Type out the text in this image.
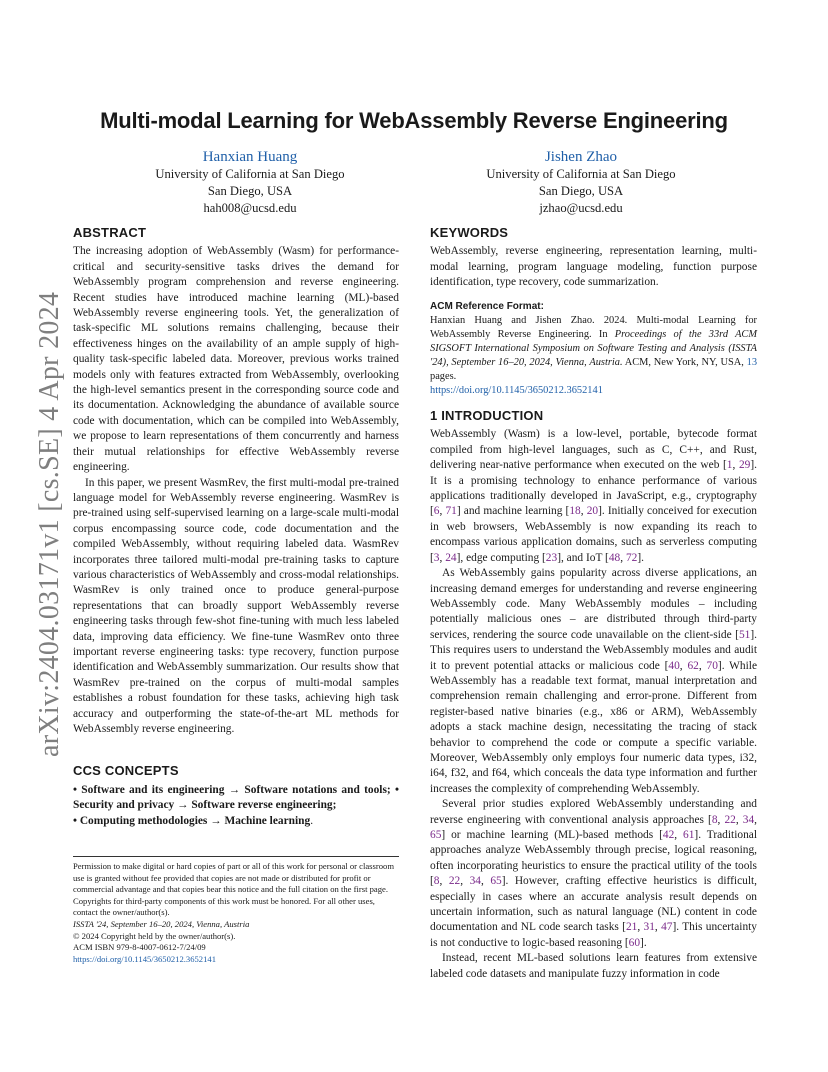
Multi-modal Learning for WebAssembly Reverse Engineering
Hanxian Huang
University of California at San Diego
San Diego, USA
hah008@ucsd.edu
Jishen Zhao
University of California at San Diego
San Diego, USA
jzhao@ucsd.edu
arXiv:2404.03171v1 [cs.SE] 4 Apr 2024
ABSTRACT

The increasing adoption of WebAssembly (Wasm) for performance-critical and security-sensitive tasks drives the demand for WebAssembly program comprehension and reverse engineering. Recent studies have introduced machine learning (ML)-based WebAssembly reverse engineering tools. Yet, the generalization of task-specific ML solutions remains challenging, because their effectiveness hinges on the availability of an ample supply of high-quality task-specific labeled data. Moreover, previous works trained models only with features extracted from WebAssembly, overlooking the high-level semantics present in the corresponding source code and its documentation. Acknowledging the abundance of available source code with documentation, which can be compiled into WebAssembly, we propose to learn representations of them concurrently and harness their mutual relationships for effective WebAssembly reverse engineering.

In this paper, we present WasmRev, the first multi-modal pre-trained language model for WebAssembly reverse engineering. WasmRev is pre-trained using self-supervised learning on a large-scale multi-modal corpus encompassing source code, code documentation and the compiled WebAssembly, without requiring labeled data. WasmRev incorporates three tailored multi-modal pre-training tasks to capture various characteristics of WebAssembly and cross-modal relationships. WasmRev is only trained once to produce general-purpose representations that can broadly support WebAssembly reverse engineering tasks through few-shot fine-tuning with much less labeled data, improving data efficiency. We fine-tune WasmRev onto three important reverse engineering tasks: type recovery, function purpose identification and WebAssembly summarization. Our results show that WasmRev pre-trained on the corpus of multi-modal samples establishes a robust foundation for these tasks, achieving high task accuracy and outperforming the state-of-the-art ML methods for WebAssembly reverse engineering.

CCS CONCEPTS

• Software and its engineering → Software notations and tools; • Security and privacy → Software reverse engineering;
• Computing methodologies → Machine learning.

Permission to make digital or hard copies of part or all of this work for personal or classroom use is granted without fee provided that copies are not made or distributed for profit or commercial advantage and that copies bear this notice and the full citation on the first page. Copyrights for third-party components of this work must be honored. For all other uses, contact the owner/author(s).

ISSTA '24, September 16–20, 2024, Vienna, Austria

© 2024 Copyright held by the owner/author(s).

ACM ISBN 979-8-4007-0612-7/24/09

https://doi.org/10.1145/3650212.3652141

KEYWORDS

WebAssembly, reverse engineering, representation learning, multi-modal learning, program language modeling, function purpose identification, type recovery, code summarization.

ACM Reference Format:

Hanxian Huang and Jishen Zhao. 2024. Multi-modal Learning for WebAssembly Reverse Engineering. In Proceedings of the 33rd ACM SIGSOFT International Symposium on Software Testing and Analysis (ISSTA '24), September 16–20, 2024, Vienna, Austria. ACM, New York, NY, USA, 13 pages.
https://doi.org/10.1145/3650212.3652141

1 INTRODUCTION

WebAssembly (Wasm) is a low-level, portable, bytecode format compiled from high-level languages, such as C, C++, and Rust, delivering near-native performance when executed on the web [1, 29]. It is a promising technology to enhance performance of various applications traditionally developed in JavaScript, e.g., cryptography [6, 71] and machine learning [18, 20]. Initially conceived for execution in web browsers, WebAssembly is now expanding its reach to encompass various application domains, such as serverless computing [3, 24], edge computing [23], and IoT [48, 72].

As WebAssembly gains popularity across diverse applications, an increasing demand emerges for understanding and reverse engineering WebAssembly code. Many WebAssembly modules – including potentially malicious ones – are distributed through third-party services, rendering the source code unavailable on the client-side [51]. This requires users to understand the WebAssembly modules and audit it to prevent potential attacks or malicious code [40, 62, 70]. While WebAssembly has a readable text format, manual interpretation and comprehension remain challenging and error-prone. Different from register-based native binaries (e.g., x86 or ARM), WebAssembly adopts a stack machine design, necessitating the tracing of stack behavior to comprehend the code or compute a specific variable. Moreover, WebAssembly only employs four numeric data types, i32, i64, f32, and f64, which conceals the data type information and further increases the complexity of comprehending WebAssembly.

Several prior studies explored WebAssembly understanding and reverse engineering with conventional analysis approaches [8, 22, 34, 65] or machine learning (ML)-based methods [42, 61]. Traditional approaches analyze WebAssembly through precise, logical reasoning, often incorporating heuristics to ensure the practical utility of the tools [8, 22, 34, 65]. However, crafting effective heuristics is difficult, especially in cases where an accurate analysis result depends on uncertain information, such as natural language (NL) content in code documentation and NL code search tasks [21, 31, 47]. This uncertainty is not conductive to logic-based reasoning [60].

Instead, recent ML-based solutions learn features from extensive labeled code datasets and manipulate fuzzy information in code
